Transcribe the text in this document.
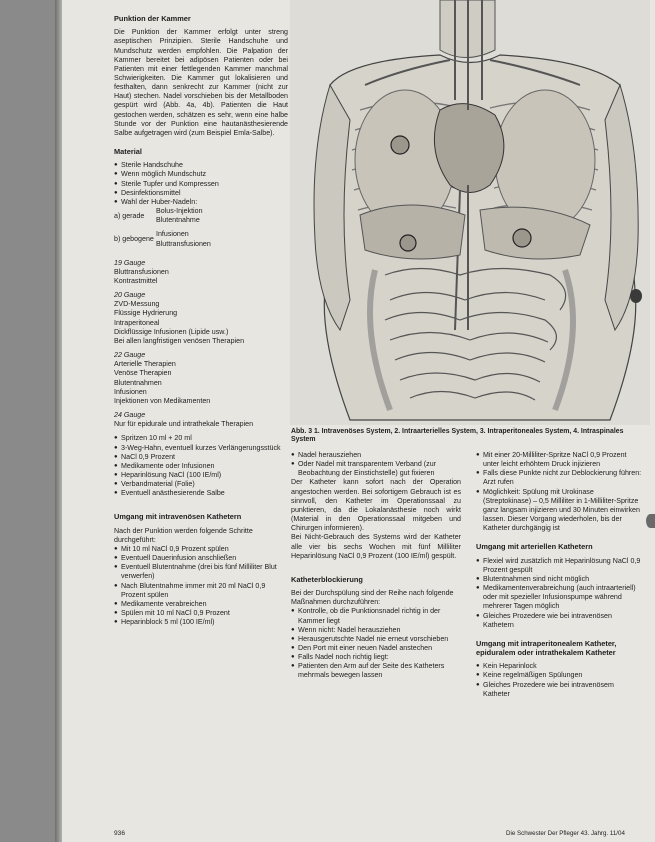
Punktion der Kammer

Die Punktion der Kammer erfolgt unter streng aseptischen Prinzipien. Sterile Handschuhe und Mundschutz werden empfohlen. Die Palpation der Kammer bereitet bei adipösen Patienten oder bei Patienten mit einer fettlegenden Kammer manchmal Schwierigkeiten. Die Kammer gut lokalisieren und festhalten, dann senkrecht zur Kammer (nicht zur Haut) stechen. Nadel vorschieben bis der Metallboden gespürt wird (Abb. 4a, 4b). Patienten die Haut gestochen werden, schätzen es sehr, wenn eine halbe Stunde vor der Punktion eine hautanästhesierende Salbe aufgetragen wird (zum Beispiel Emla-Salbe).

Material
● Sterile Handschuhe
● Wenn möglich Mundschutz
● Sterile Tupfer und Kompressen
● Desinfektionsmittel
● Wahl der Huber-Nadeln:
a) gerade
Bolus-Injektion
Blutentnahme
b) gebogene
Infusionen
Bluttransfusionen

19 Gauge

Bluttransfusionen

Kontrastmittel

20 Gauge

ZVD-Messung

Flüssige Hydrierung

Intraperitoneal

Dickflüssige Infusionen (Lipide usw.)

Bei allen langfristigen venösen Therapien

22 Gauge

Arterielle Therapien

Venöse Therapien

Blutentnahmen

Infusionen

Injektionen von Medikamenten

24 Gauge

Nur für epidurale und intrathekale Therapien

● Spritzen 10 ml + 20 ml
● 3-Weg-Hahn, eventuell kurzes Verlängerungsstück
● NaCl 0,9 Prozent
● Medikamente oder Infusionen
● Heparinlösung NaCl (100 IE/ml)
● Verbandmaterial (Folie)
● Eventuell anästhesierende Salbe
Umgang mit intravenösen Kathetern

Nach der Punktion werden folgende Schritte durchgeführt:

● Mit 10 ml NaCl 0,9 Prozent spülen
● Eventuell Dauerinfusion anschließen
● Eventuell Blutentnahme (drei bis fünf Milliliter Blut verwerfen)
● Nach Blutentnahme immer mit 20 ml NaCl 0,9 Prozent spülen
● Medikamente verabreichen
● Spülen mit 10 ml NaCl 0,9 Prozent
● Heparinblock 5 ml (100 IE/ml)
Abb. 3 1. Intravenöses System, 2. Intraarterielles System, 3. Intraperitoneales System, 4. Intraspinales System
● Nadel herausziehen
● Oder Nadel mit transparentem Verband (zur Beobachtung der Einstichstelle) gut fixieren

Der Katheter kann sofort nach der Operation angestochen werden. Bei sofortigem Gebrauch ist es sinnvoll, den Katheter im Operationssaal zu punktieren, da die Lokalanästhesie noch wirkt (Material in den Operationssaal mitgeben und Chirurgen informieren).

Bei Nicht-Gebrauch des Systems wird der Katheter alle vier bis sechs Wochen mit fünf Milliliter Heparinlösung NaCl 0,9 Prozent (100 IE/ml) gespült.

Katheterblockierung

Bei der Durchspülung sind der Reihe nach folgende Maßnahmen durchzuführen:

● Kontrolle, ob die Punktionsnadel richtig in der Kammer liegt
● Wenn nicht: Nadel herausziehen
● Herausgerutschte Nadel nie erneut vorschieben
● Den Port mit einer neuen Nadel anstechen
● Falls Nadel noch richtig liegt:
● Patienten den Arm auf der Seite des Katheters mehrmals bewegen lassen
● Mit einer 20-Milliliter-Spritze NaCl 0,9 Prozent unter leicht erhöhtem Druck injizieren
● Falls diese Punkte nicht zur Deblockierung führen: Arzt rufen
● Möglichkeit: Spülung mit Urokinase (Streptokinase) – 0,5 Milliliter in 1-Milliliter-Spritze ganz langsam injizieren und 30 Minuten einwirken lassen. Dieser Vorgang wiederholen, bis der Katheter durchgängig ist
Umgang mit arteriellen Kathetern
● Flexiel wird zusätzlich mit Heparinlösung NaCl 0,9 Prozent gespült
● Blutentnahmen sind nicht möglich
● Medikamentenverabreichung (auch intraarteriell) oder mit spezieller Infusionspumpe während mehrerer Tagen möglich
● Gleiches Prozedere wie bei intravenösen Kathetern
Umgang mit intraperitonealem Katheter, epiduralem oder intrathekalem Katheter
● Kein Heparinlock
● Keine regelmäßigen Spülungen
● Gleiches Prozedere wie bei intravenösem Katheter
936	Die Schwester Der Pfleger 43. Jahrg. 11/04
